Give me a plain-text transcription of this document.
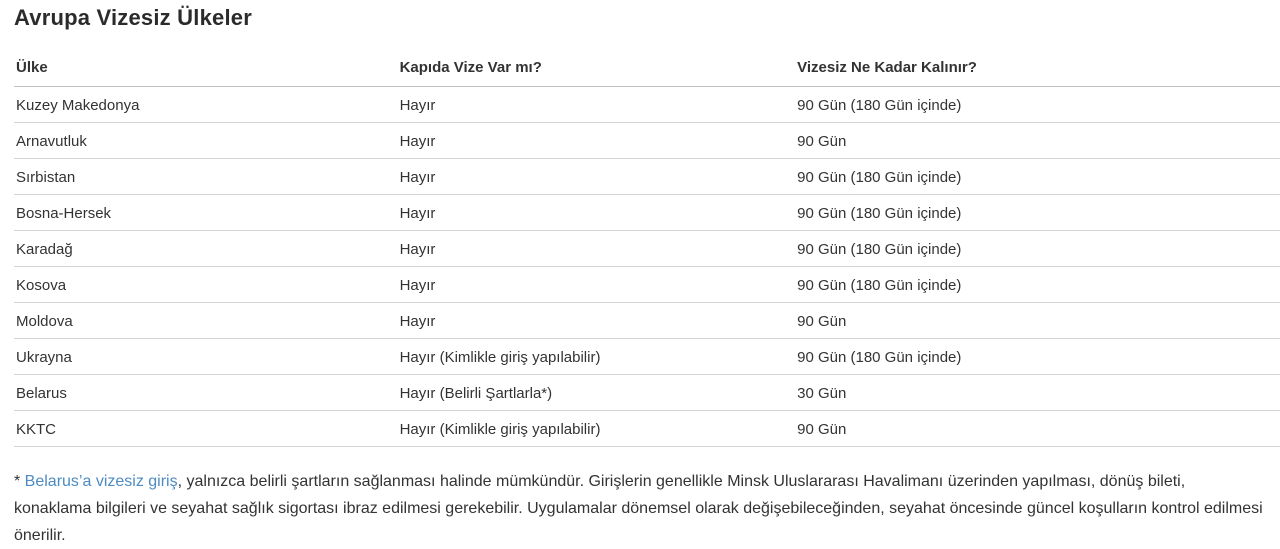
Avrupa Vizesiz Ülkeler
Ülke	Kapıda Vize Var mı?	Vizesiz Ne Kadar Kalınır?
Kuzey Makedonya	Hayır	90 Gün (180 Gün içinde)
Arnavutluk	Hayır	90 Gün
Sırbistan	Hayır	90 Gün (180 Gün içinde)
Bosna-Hersek	Hayır	90 Gün (180 Gün içinde)
Karadağ	Hayır	90 Gün (180 Gün içinde)
Kosova	Hayır	90 Gün (180 Gün içinde)
Moldova	Hayır	90 Gün
Ukrayna	Hayır (Kimlikle giriş yapılabilir)	90 Gün (180 Gün içinde)
Belarus	Hayır (Belirli Şartlarla*)	30 Gün
KKTC	Hayır (Kimlikle giriş yapılabilir)	90 Gün

* Belarus’a vizesiz giriş, yalnızca belirli şartların sağlanması halinde mümkündür. Girişlerin genellikle Minsk Uluslararası Havalimanı üzerinden yapılması, dönüş bileti, konaklama bilgileri ve seyahat sağlık sigortası ibraz edilmesi gerekebilir. Uygulamalar dönemsel olarak değişebileceğinden, seyahat öncesinde güncel koşulların kontrol edilmesi önerilir.
